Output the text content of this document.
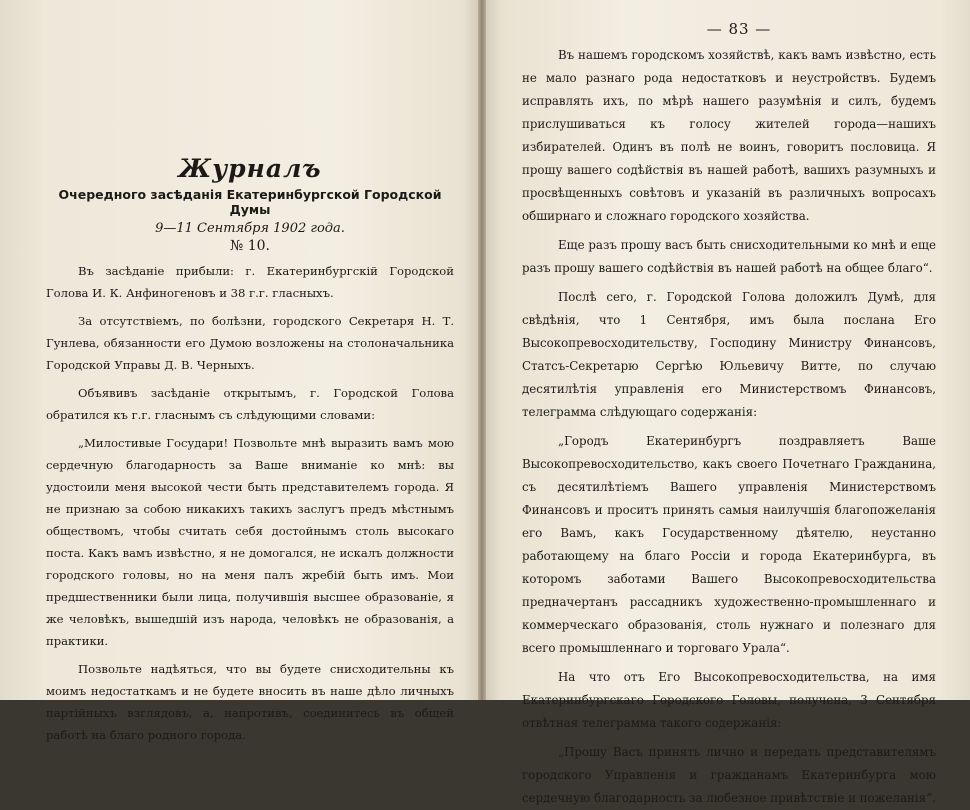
Журналъ
Очередного засѣданія Екатеринбургской Городской Думы
9—11 Сентября 1902 года.
№ 10.

Въ засѣданіе прибыли: г. Екатеринбургскій Городской Голова И. К. Анфиногеновъ и 38 г.г. гласныхъ.

За отсутствіемъ, по болѣзни, городского Секретаря Н. Т. Гунлева, обязанности его Думою возложены на столоначальника Городской Управы Д. В. Черныхъ.

Объявивъ засѣданіе открытымъ, г. Городской Голова обратился къ г.г. гласнымъ съ слѣдующими словами:

„Милостивые Государи! Позвольте мнѣ выразить вамъ мою сердечную благодарность за Ваше вниманіе ко мнѣ: вы удостоили меня высокой чести быть представителемъ города. Я не признаю за собою никакихъ такихъ заслугъ предъ мѣстнымъ обществомъ, чтобы считать себя достойнымъ столь высокаго поста. Какъ вамъ извѣстно, я не домогался, не искалъ должности городского головы, но на меня палъ жребій быть имъ. Мои предшественники были лица, получившія высшее образованіе, я же человѣкъ, вышедшій изъ народа, человѣкъ не образованія, а практики.

Позвольте надѣяться, что вы будете снисходительны къ моимъ недостаткамъ и не будете вносить въ наше дѣло личныхъ партійныхъ взглядовъ, а, напротивъ, соединитесь въ общей работѣ на благо родного города.

— 83 —

Въ нашемъ городскомъ хозяйствѣ, какъ вамъ извѣстно, есть не мало разнаго рода недостатковъ и неустройствъ. Будемъ исправлять ихъ, по мѣрѣ нашего разумѣнія и силъ, будемъ прислушиваться къ голосу жителей города—нашихъ избирателей. Одинъ въ полѣ не воинъ, говоритъ пословица. Я прошу вашего содѣйствія въ нашей работѣ, вашихъ разумныхъ и просвѣщенныхъ совѣтовъ и указаній въ различныхъ вопросахъ обширнаго и сложнаго городского хозяйства.

Еще разъ прошу васъ быть снисходительными ко мнѣ и еще разъ прошу вашего содѣйствія въ нашей работѣ на общее благо“.

Послѣ сего, г. Городской Голова доложилъ Думѣ, для свѣдѣнія, что 1 Сентября, имъ была послана Его Высокопревосходительству, Господину Министру Финансовъ, Статсъ-Секретарю Сергѣю Юльевичу Витте, по случаю десятилѣтія управленія его Министерствомъ Финансовъ, телеграмма слѣдующаго содержанія:

„Городъ Екатеринбургъ поздравляетъ Ваше Высокопревосходительство, какъ своего Почетнаго Гражданина, съ десятилѣтіемъ Вашего управленія Министерствомъ Финансовъ и проситъ принять самыя наилучшія благопожеланія его Вамъ, какъ Государственному дѣятелю, неустанно работающему на благо Россіи и города Екатеринбурга, въ которомъ заботами Вашего Высокопревосходительства предначертанъ рассадникъ художественно-промышленнаго и коммерческаго образованія, столь нужнаго и полезнаго для всего промышленнаго и торговаго Урала“.

На что отъ Его Высокопревосходительства, на имя Екатеринбургскаго Городского Головы, получена, 3 Сентября отвѣтная телеграмма такого содержанія:

„Прошу Васъ принять лично и передать представителямъ городского Управленія и гражданамъ Екатеринбурга мою сердечную благодарность за любезное привѣтствіе и пожеланія“.
